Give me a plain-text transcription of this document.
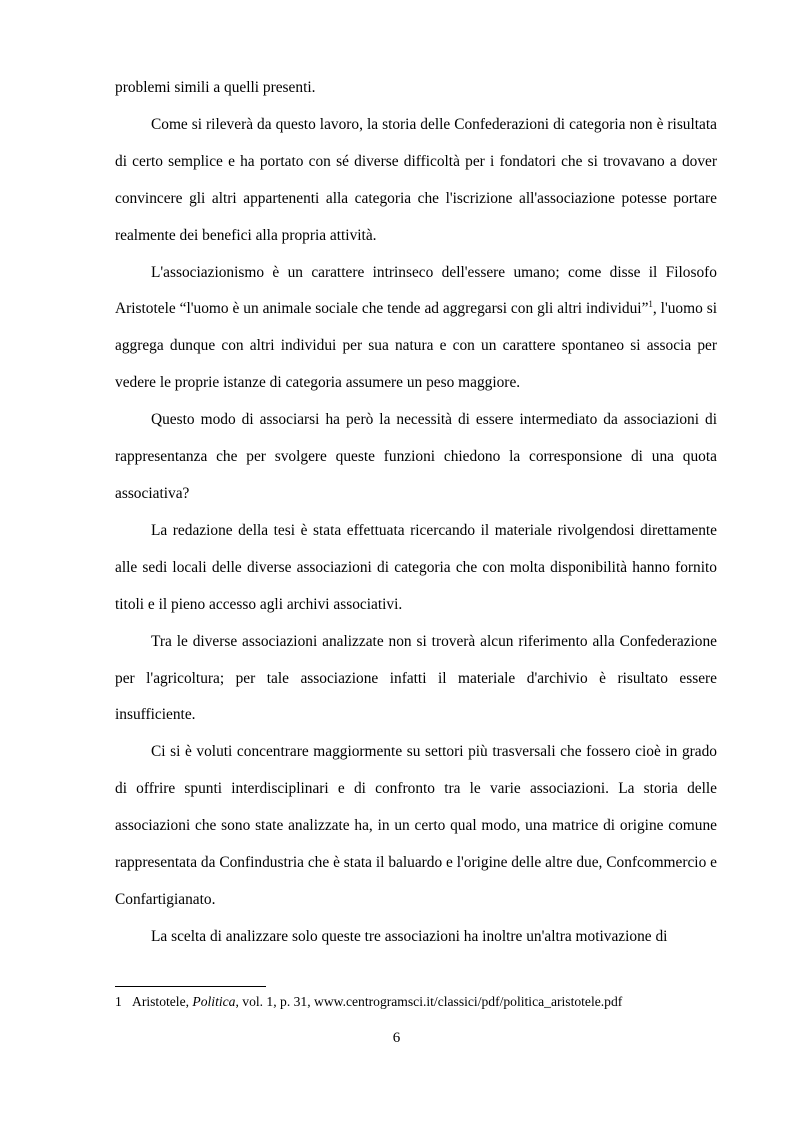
problemi simili a quelli presenti.

Come si rileverà da questo lavoro, la storia delle Confederazioni di categoria non è risultata di certo semplice e ha portato con sé diverse difficoltà per i fondatori che si trovavano a dover convincere gli altri appartenenti alla categoria che l'iscrizione all'associazione potesse portare realmente dei benefici alla propria attività.

L'associazionismo è un carattere intrinseco dell'essere umano; come disse il Filosofo Aristotele “l'uomo è un animale sociale che tende ad aggregarsi con gli altri individui”$^1$, l'uomo si aggrega dunque con altri individui per sua natura e con un carattere spontaneo si associa per vedere le proprie istanze di categoria assumere un peso maggiore.

Questo modo di associarsi ha però la necessità di essere intermediato da associazioni di rappresentanza che per svolgere queste funzioni chiedono la corresponsione di una quota associativa?

La redazione della tesi è stata effettuata ricercando il materiale rivolgendosi direttamente alle sedi locali delle diverse associazioni di categoria che con molta disponibilità hanno fornito titoli e il pieno accesso agli archivi associativi.

Tra le diverse associazioni analizzate non si troverà alcun riferimento alla Confederazione per l'agricoltura; per tale associazione infatti il materiale d'archivio è risultato essere insufficiente.

Ci si è voluti concentrare maggiormente su settori più trasversali che fossero cioè in grado di offrire spunti interdisciplinari e di confronto tra le varie associazioni. La storia delle associazioni che sono state analizzate ha, in un certo qual modo, una matrice di origine comune rappresentata da Confindustria che è stata il baluardo e l'origine delle altre due, Confcommercio e Confartigianato.

La scelta di analizzare solo queste tre associazioni ha inoltre un'altra motivazione di

1 Aristotele, Politica, vol. 1, p. 31, www.centrogramsci.it/classici/pdf/politica_aristotele.pdf
6
